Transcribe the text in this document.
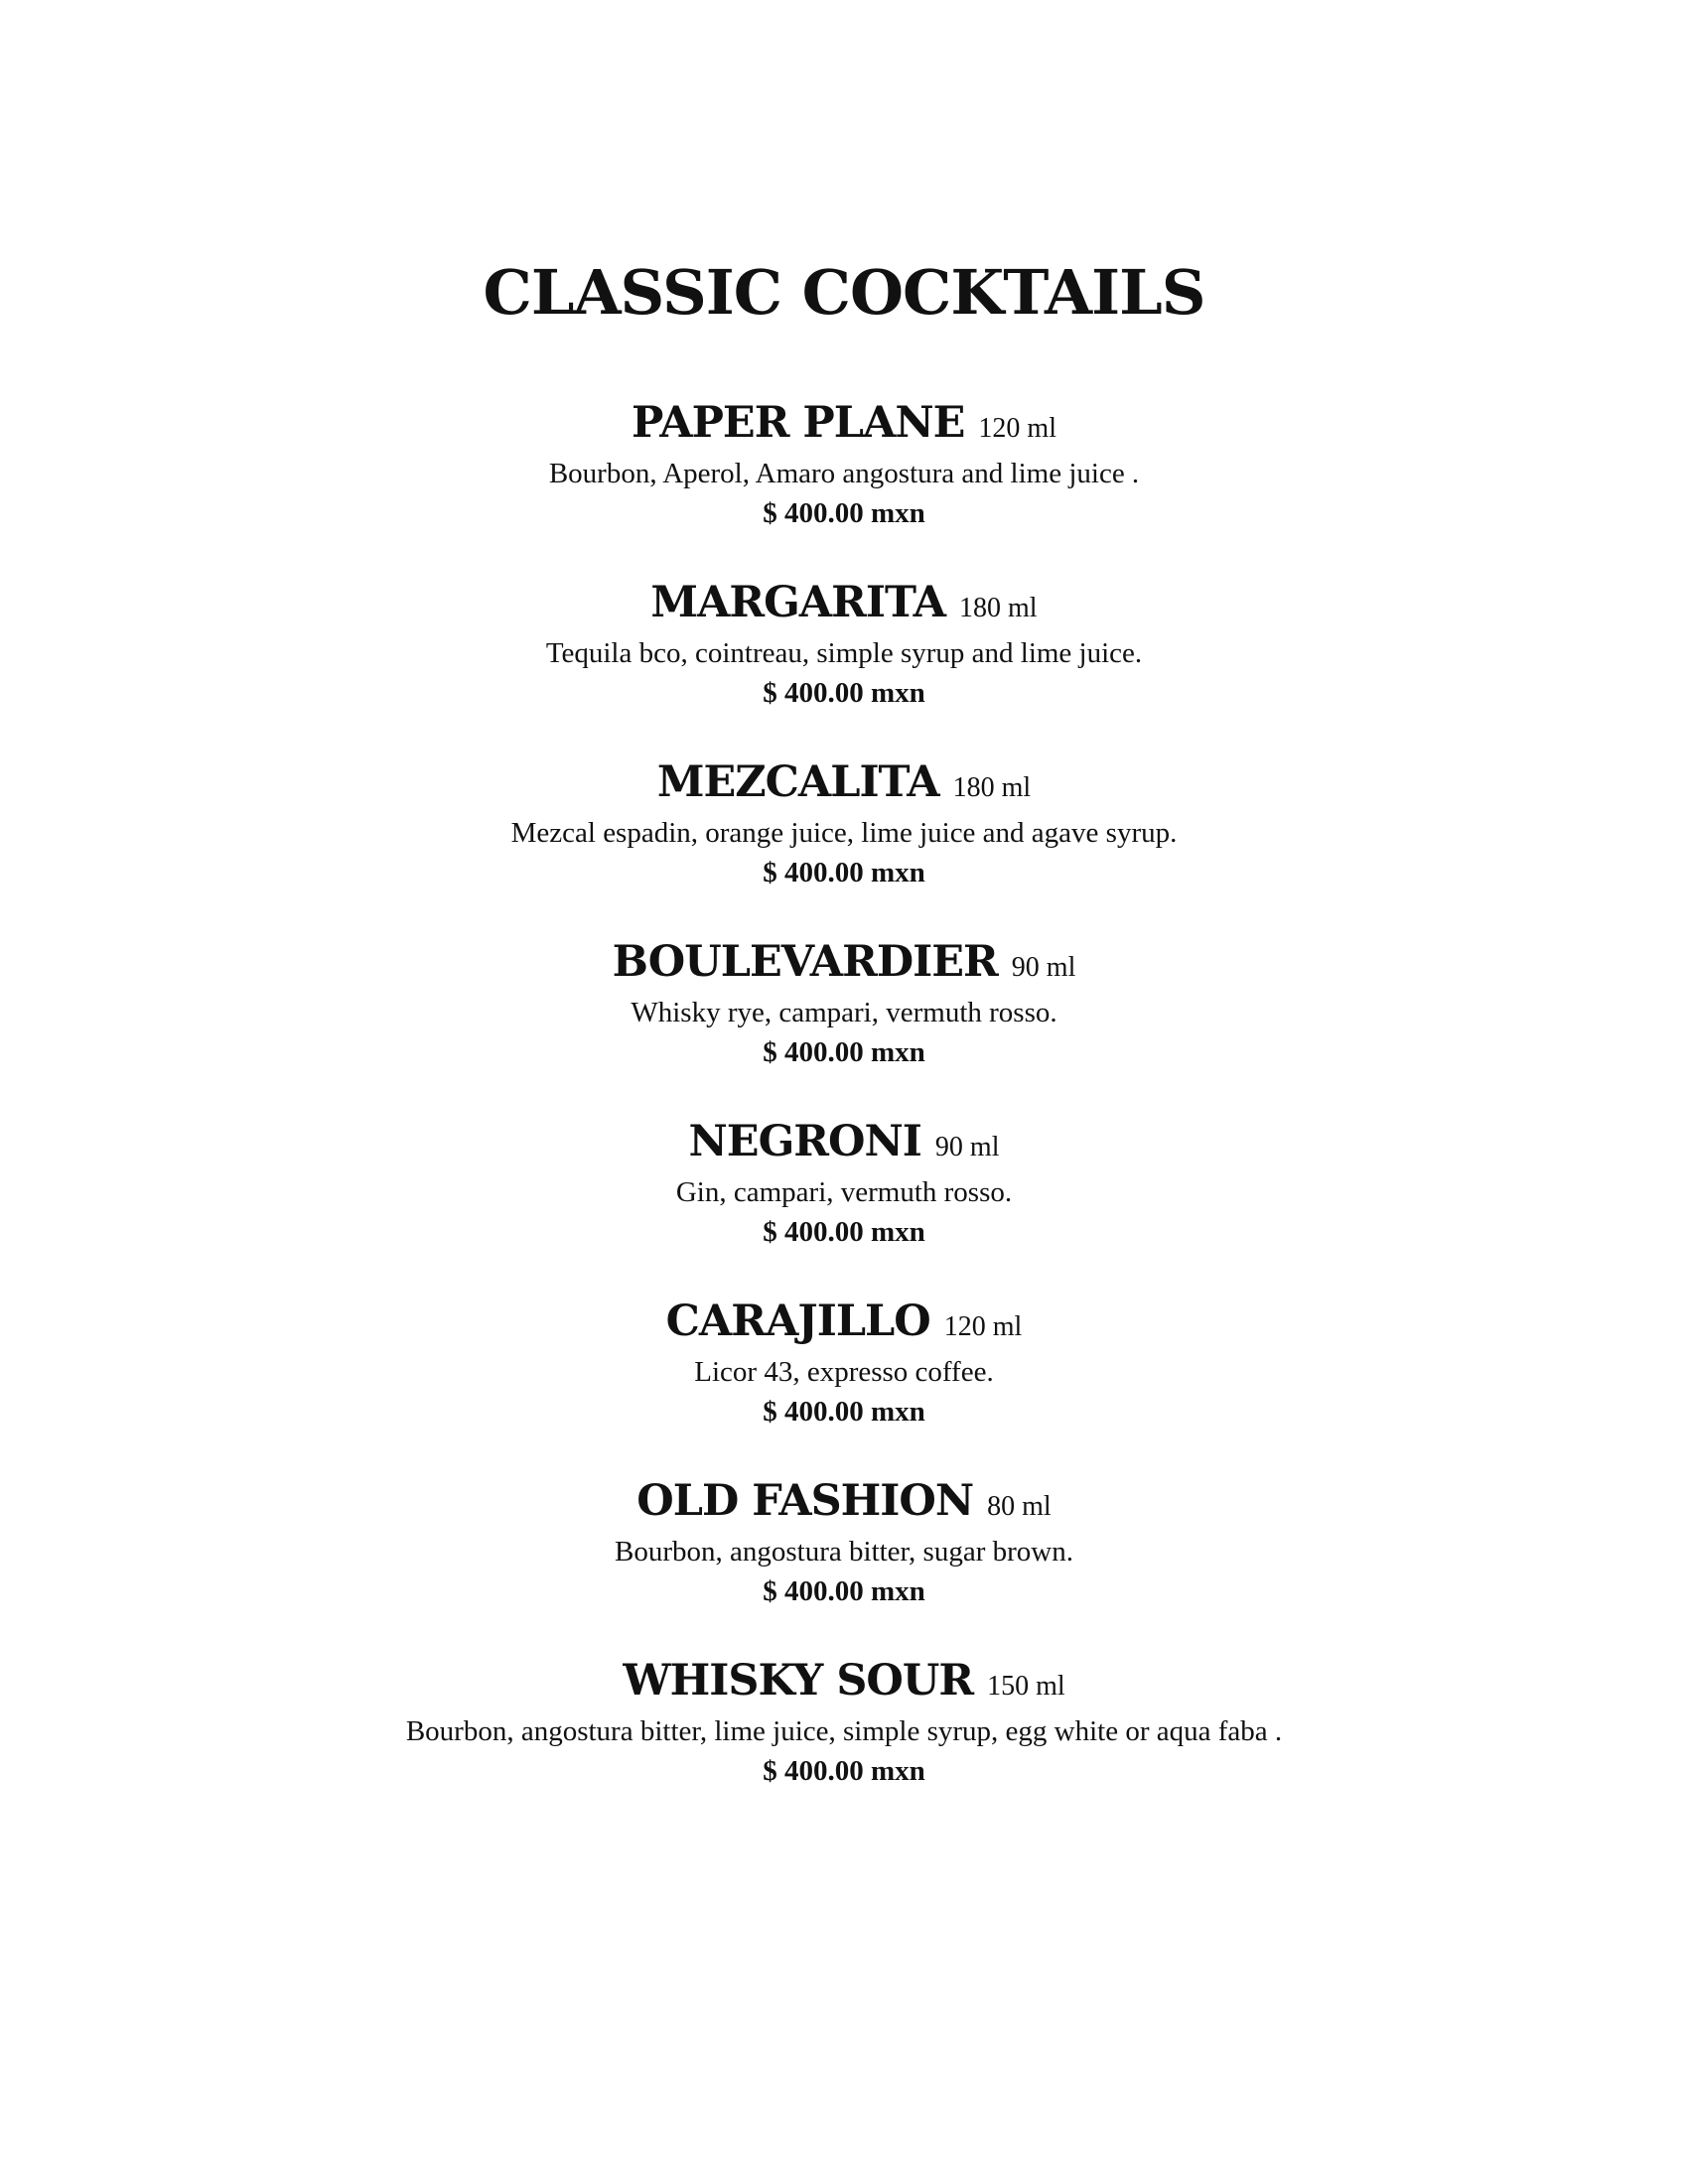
CLASSIC COCKTAILS
PAPER PLANE 120 ml
Bourbon, Aperol, Amaro angostura and lime juice .
$ 400.00 mxn
MARGARITA 180 ml
Tequila bco, cointreau, simple syrup and lime juice.
$ 400.00 mxn
MEZCALITA 180 ml
Mezcal espadin, orange juice, lime juice and agave syrup.
$ 400.00 mxn
BOULEVARDIER 90 ml
Whisky rye, campari, vermuth rosso.
$ 400.00 mxn
NEGRONI 90 ml
Gin, campari, vermuth rosso.
$ 400.00 mxn
CARAJILLO 120 ml
Licor 43, expresso coffee.
$ 400.00 mxn
OLD FASHION 80 ml
Bourbon, angostura bitter, sugar brown.
$ 400.00 mxn
WHISKY SOUR 150 ml
Bourbon, angostura bitter, lime juice, simple syrup, egg white or aqua faba .
$ 400.00 mxn
